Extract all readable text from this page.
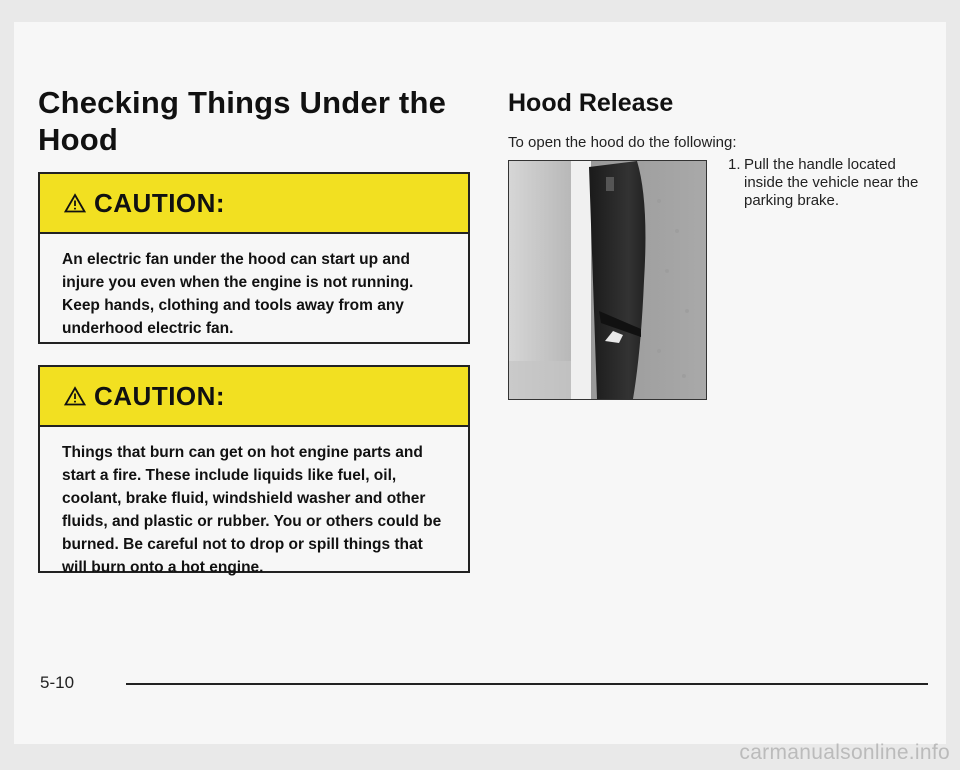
Checking Things Under the Hood
CAUTION:
An electric fan under the hood can start up and injure you even when the engine is not running. Keep hands, clothing and tools away from any underhood electric fan.
CAUTION:
Things that burn can get on hot engine parts and start a fire. These include liquids like fuel, oil, coolant, brake fluid, windshield washer and other fluids, and plastic or rubber. You or others could be burned. Be careful not to drop or spill things that will burn onto a hot engine.
Hood Release
To open the hood do the following:
1. Pull the handle located inside the vehicle near the parking brake.
5-10
carmanualsonline.info
